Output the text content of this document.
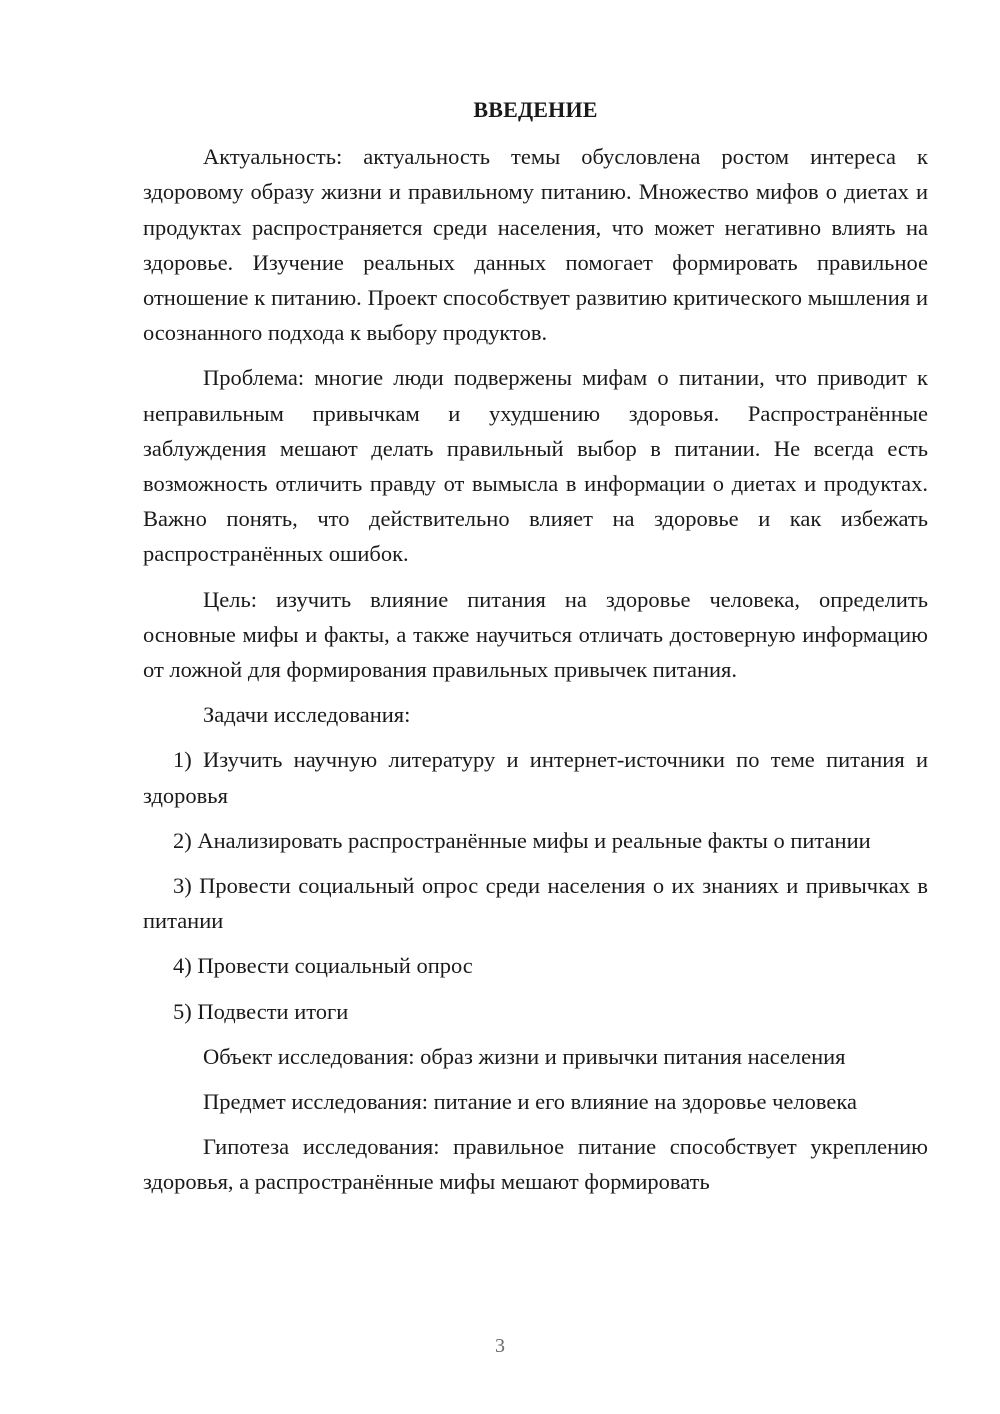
ВВЕДЕНИЕ

Актуальность: актуальность темы обусловлена ростом интереса к здоровому образу жизни и правильному питанию. Множество мифов о диетах и продуктах распространяется среди населения, что может негативно влиять на здоровье. Изучение реальных данных помогает формировать правильное отношение к питанию. Проект способствует развитию критического мышления и осознанного подхода к выбору продуктов.

Проблема: многие люди подвержены мифам о питании, что приводит к неправильным привычкам и ухудшению здоровья. Распространённые заблуждения мешают делать правильный выбор в питании. Не всегда есть возможность отличить правду от вымысла в информации о диетах и продуктах. Важно понять, что действительно влияет на здоровье и как избежать распространённых ошибок.

Цель: изучить влияние питания на здоровье человека, определить основные мифы и факты, а также научиться отличать достоверную информацию от ложной для формирования правильных привычек питания.

Задачи исследования:

1) Изучить научную литературу и интернет-источники по теме питания и здоровья

2) Анализировать распространённые мифы и реальные факты о питании

3) Провести социальный опрос среди населения о их знаниях и привычках в питании

4) Провести социальный опрос

5) Подвести итоги

Объект исследования: образ жизни и привычки питания населения

Предмет исследования: питание и его влияние на здоровье человека

Гипотеза исследования: правильное питание способствует укреплению здоровья, а распространённые мифы мешают формировать

3
